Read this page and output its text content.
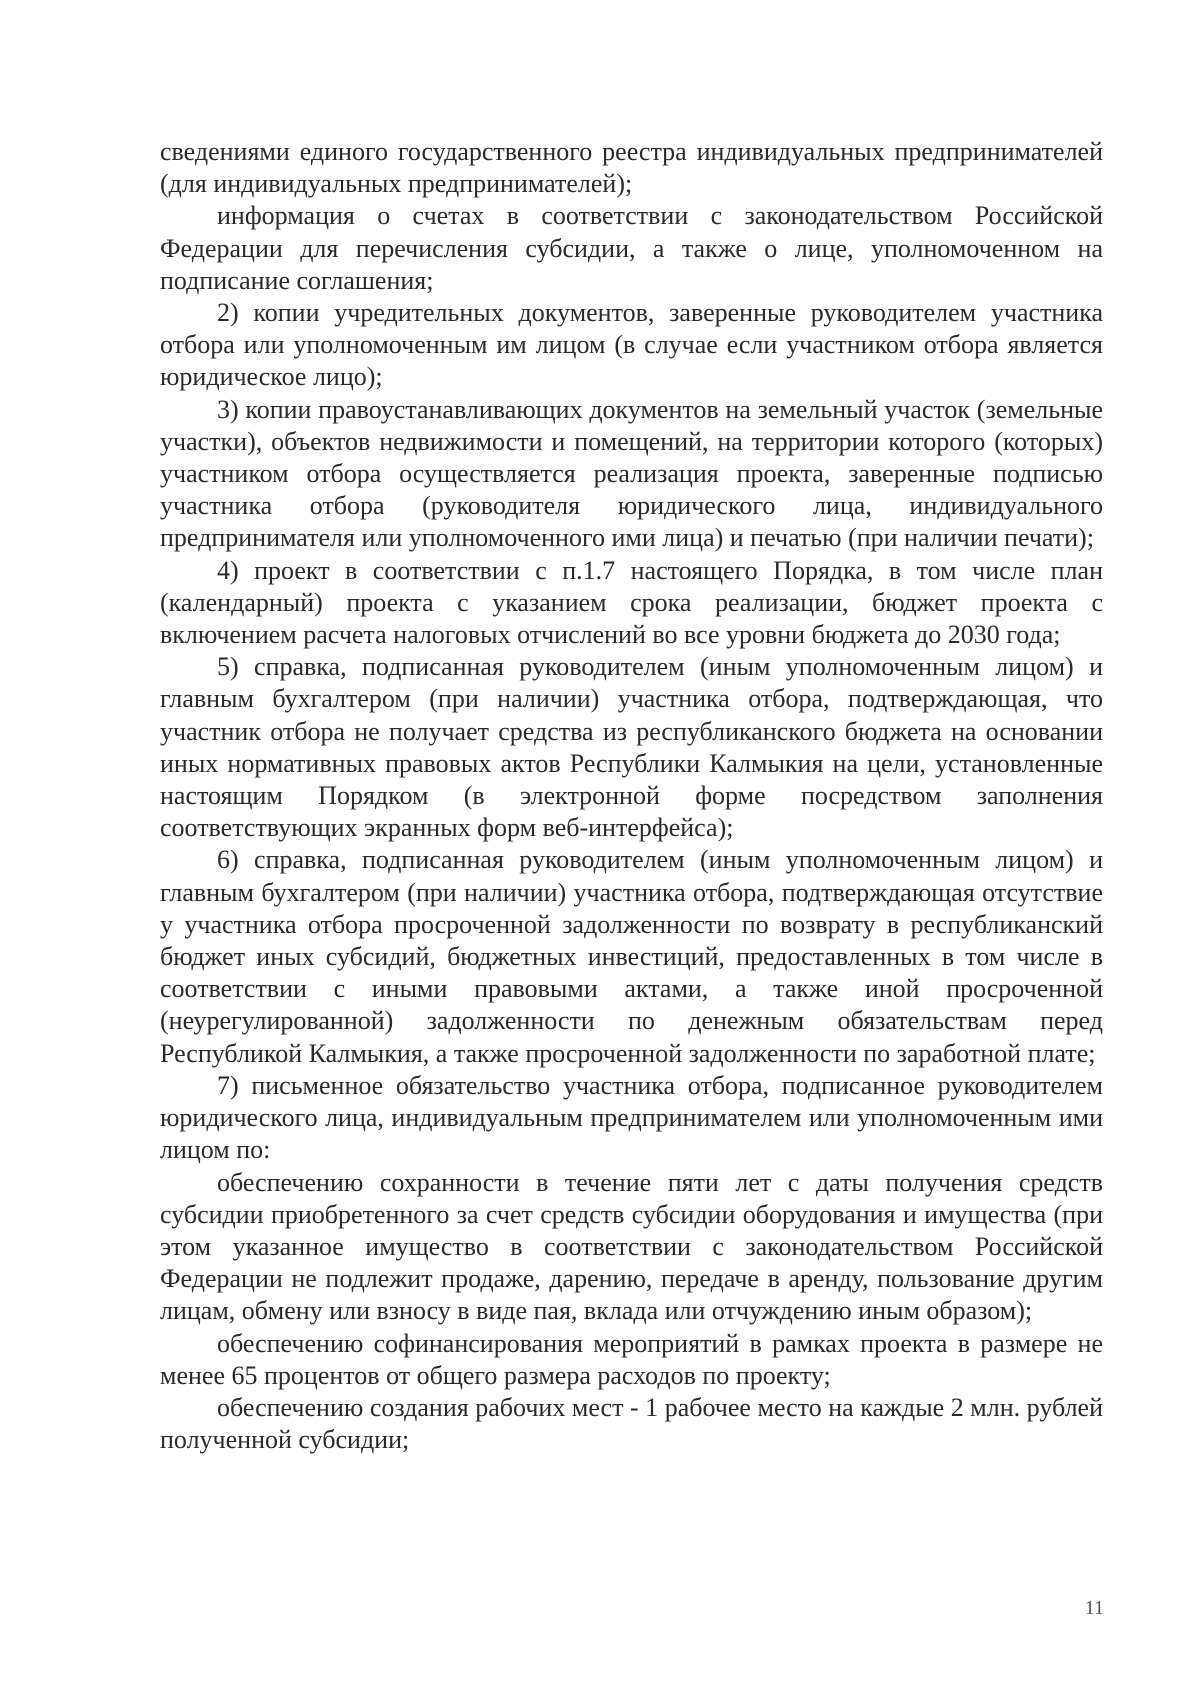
сведениями единого государственного реестра индивидуальных предпринимателей (для индивидуальных предпринимателей);

информация о счетах в соответствии с законодательством Российской Федерации для перечисления субсидии, а также о лице, уполномоченном на подписание соглашения;

2) копии учредительных документов, заверенные руководителем участника отбора или уполномоченным им лицом (в случае если участником отбора является юридическое лицо);

3) копии правоустанавливающих документов на земельный участок (земельные участки), объектов недвижимости и помещений, на территории которого (которых) участником отбора осуществляется реализация проекта, заверенные подписью участника отбора (руководителя юридического лица, индивидуального предпринимателя или уполномоченного ими лица) и печатью (при наличии печати);

4) проект в соответствии с п.1.7 настоящего Порядка, в том числе план (календарный) проекта с указанием срока реализации, бюджет проекта с включением расчета налоговых отчислений во все уровни бюджета до 2030 года;

5) справка, подписанная руководителем (иным уполномоченным лицом) и главным бухгалтером (при наличии) участника отбора, подтверждающая, что участник отбора не получает средства из республиканского бюджета на основании иных нормативных правовых актов Республики Калмыкия на цели, установленные настоящим Порядком (в электронной форме посредством заполнения соответствующих экранных форм веб-интерфейса);

6) справка, подписанная руководителем (иным уполномоченным лицом) и главным бухгалтером (при наличии) участника отбора, подтверждающая отсутствие у участника отбора просроченной задолженности по возврату в республиканский бюджет иных субсидий, бюджетных инвестиций, предоставленных в том числе в соответствии с иными правовыми актами, а также иной просроченной (неурегулированной) задолженности по денежным обязательствам перед Республикой Калмыкия, а также просроченной задолженности по заработной плате;

7) письменное обязательство участника отбора, подписанное руководителем юридического лица, индивидуальным предпринимателем или уполномоченным ими лицом по:

обеспечению сохранности в течение пяти лет с даты получения средств субсидии приобретенного за счет средств субсидии оборудования и имущества (при этом указанное имущество в соответствии с законодательством Российской Федерации не подлежит продаже, дарению, передаче в аренду, пользование другим лицам, обмену или взносу в виде пая, вклада или отчуждению иным образом);

обеспечению софинансирования мероприятий в рамках проекта в размере не менее 65 процентов от общего размера расходов по проекту;

обеспечению создания рабочих мест - 1 рабочее место на каждые 2 млн. рублей полученной субсидии;

11
